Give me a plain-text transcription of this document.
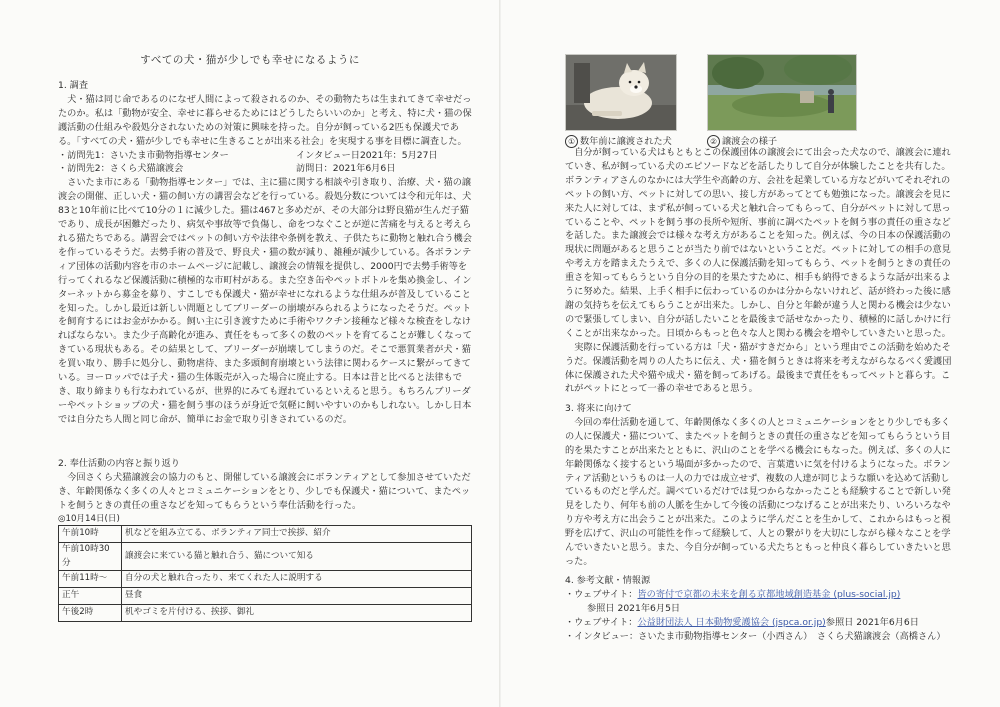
すべての犬・猫が少しでも幸せになるように

1. 調査

犬・猫は同じ命であるのになぜ人間によって殺されるのか、その動物たちは生まれてきて幸せだったのか。私は「動物が安全、幸せに暮らせるためにはどうしたらいいのか」と考え、特に犬・猫の保護活動の仕組みや殺処分されないための対策に興味を持った。自分が飼っている2匹も保護犬である。「すべての犬・猫が少しでも幸せに生きることが出来る社会」を実現する事を目標に調査した。

・訪問先1：さいたま市動物指導センター	インタビュー日2021年：5月27日
・訪問先2：さくら犬猫譲渡会	訪問日：2021年6月6日

さいたま市にある「動物指導センター」では、主に猫に関する相談や引き取り、治療、犬・猫の譲渡会の開催、正しい犬・猫の飼い方の講習会などを行っている。殺処分数については令和元年は、犬83と10年前に比べて10分の１に減少した。猫は467と多めだが、その大部分は野良猫が生んだ子猫であり、成長が困難だったり、病気や事故等で負傷し、命をつなぐことが逆に苦痛を与えると考えられる猫たちである。講習会ではペットの飼い方や法律や条例を教え、子供たちに動物と触れ合う機会を作っているそうだ。去勢手術の普及で、野良犬・猫の数が減り、雑種が減少している。各ボランティア団体の活動内容を市のホームページに記載し、譲渡会の情報を提供し、2000円で去勢手術等を行ってくれるなど保護活動に積極的な市町村がある。また空き缶やペットボトルを集め換金し、インターネットから募金を募り、すこしでも保護犬・猫が幸せになれるような仕組みが普及していることを知った。しかし最近は新しい問題としてブリーダーの崩壊がみられるようになったそうだ。ペットを飼育するにはお金がかかる。飼い主に引き渡すために手術やワクチン接種など様々な検査をしなければならない。また少子高齢化が進み、責任をもって多くの数のペットを育てることが難しくなってきている現状もある。その結果として、ブリーダーが崩壊してしまうのだ。そこで悪質業者が犬・猫を買い取り、勝手に処分し、動物虐待、また多頭飼育崩壊という法律に関わるケースに繋がってきている。ヨーロッパでは子犬・猫の生体販売が入った場合に廃止する。日本は昔と比べると法律もでき、取り締まりも行なわれているが、世界的にみても遅れているといえると思う。もちろんブリーダーやペットショップの犬・猫を飼う事のほうが身近で気軽に飼いやすいのかもしれない。しかし日本では自分たち人間と同じ命が、簡単にお金で取り引きされているのだ。

2. 奉仕活動の内容と振り返り

今回さくら犬猫譲渡会の協力のもと、開催している譲渡会にボランティアとして参加させていただき、年齢関係なく多くの人々とコミュニケーションをとり、少しでも保護犬・猫について、またペットを飼うときの責任の重さなどを知ってもらうという奉仕活動を行った。

◎10月14日(日)
午前10時	机などを組み立てる、ボランティア同士で挨拶、紹介
午前10時30分	譲渡会に来ている猫と触れ合う、猫について知る
午前11時～	自分の犬と触れ合ったり、来てくれた人に説明する
正午	昼食
午後2時	机やゴミを片付ける、挨拶、御礼
① 数年前に譲渡された犬	② 譲渡会の様子

自分が飼っている犬はもともとこの保護団体の譲渡会にて出会った犬なので、譲渡会に連れていき、私が飼っている犬のエピソードなどを話したりして自分が体験したことを共有した。ボランティアさんのなかには大学生や高齢の方、会社を起業している方などがいてそれぞれのペットの飼い方、ペットに対しての思い、接し方があってとても勉強になった。譲渡会を見に来た人に対しては、まず私が飼っている犬と触れ合ってもらって、自分がペットに対して思っていることや、ペットを飼う事の長所や短所、事前に調べたペットを飼う事の責任の重さなどを話した。また譲渡会では様々な考え方があることを知った。例えば、今の日本の保護活動の現状に問題があると思うことが当たり前ではないということだ。ペットに対しての相手の意見や考え方を踏まえたうえで、多くの人に保護活動を知ってもらう、ペットを飼うときの責任の重さを知ってもらうという自分の目的を果たすために、相手も納得できるような話が出来るように努めた。結果、上手く相手に伝わっているのかは分からないけれど、話が終わった後に感謝の気持ちを伝えてもらうことが出来た。しかし、自分と年齢が違う人と関わる機会は少ないので緊張してしまい、自分が話したいことを最後まで話せなかったり、積極的に話しかけに行くことが出来なかった。日頃からもっと色々な人と関わる機会を増やしていきたいと思った。

実際に保護活動を行っている方は「犬・猫がすきだから」という理由でこの活動を始めたそうだ。保護活動を周りの人たちに伝え、犬・猫を飼うときは将来を考えながらなるべく愛護団体に保護された犬や猫や成犬・猫を飼ってあげる。最後まで責任をもってペットと暮らす。これがペットにとって一番の幸せであると思う。

3. 将来に向けて

今回の奉仕活動を通して、年齢関係なく多くの人とコミュニケーションをとり少しでも多くの人に保護犬・猫について、またペットを飼うときの責任の重さなどを知ってもらうという目的を果たすことが出来たとともに、沢山のことを学べる機会にもなった。例えば、多くの人に年齢関係なく接するという場面が多かったので、言葉遣いに気を付けるようになった。ボランティア活動というものは一人の力では成立せず、複数の人達が同じような願いを込めて活動しているものだと学んだ。調べているだけでは見つからなかったことも経験することで新しい発見をしたり、何年も前の人脈を生かして今後の活動につなげることが出来たり、いろいろなやり方や考え方に出会うことが出来た。このように学んだことを生かして、これからはもっと視野を広げて、沢山の可能性を作って経験して、人との繋がりを大切にしながら様々なことを学んでいきたいと思う。また、今自分が飼っている犬たちともっと仲良く暮らしていきたいと思った。

4. 参考文献・情報源

・ウェブサイト：皆の寄付で京都の未来を創る京都地域創造基金 (plus-social.jp)
参照日 2021年6月5日
・ウェブサイト：公益財団法人 日本動物愛護協会 (jspca.or.jp)参照日 2021年6月6日
・インタビュー：さいたま市動物指導センター（小西さん）　さくら犬猫譲渡会（高橋さん）
